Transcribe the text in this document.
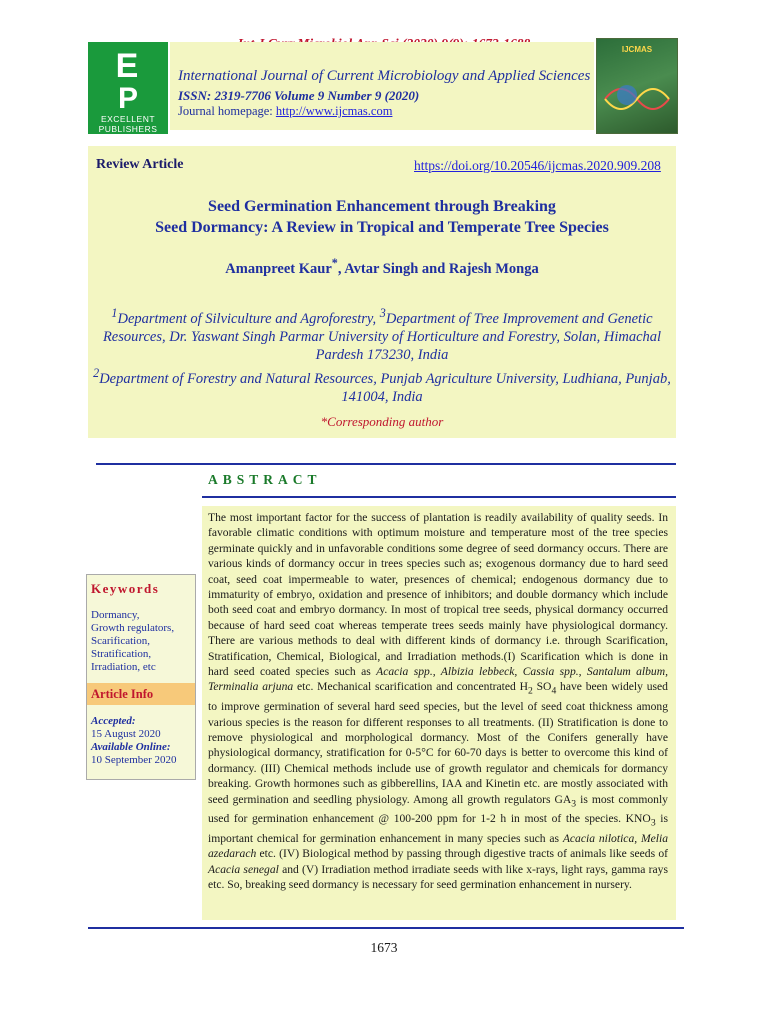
E
P
EXCELLENT
PUBLISHERS
International Journal of Current Microbiology and Applied Sciences
ISSN: 2319-7706 Volume 9 Number 9 (2020)
Journal homepage: http://www.ijcmas.com
IJCMAS
Review Article	https://doi.org/10.20546/ijcmas.2020.909.208
Seed Germination Enhancement through Breaking
Seed Dormancy: A Review in Tropical and Temperate Tree Species
Amanpreet Kaur*, Avtar Singh and Rajesh Monga
$^1$Department of Silviculture and Agroforestry, $^3$Department of Tree Improvement and Genetic Resources, Dr. Yaswant Singh Parmar University of Horticulture and Forestry, Solan, Himachal Pardesh 173230, India
$^2$Department of Forestry and Natural Resources, Punjab Agriculture University, Ludhiana, Punjab, 141004, India
*Corresponding author
ABSTRACT
Keywords
Dormancy,
Growth regulators,
Scarification,
Stratification,
Irradiation, etc
Article Info
Accepted:
15 August 2020
Available Online:
10 September 2020
The most important factor for the success of plantation is readily availability of quality seeds. In favorable climatic conditions with optimum moisture and temperature most of the tree species germinate quickly and in unfavorable conditions some degree of seed dormancy occurs. There are various kinds of dormancy occur in trees species such as; exogenous dormancy due to hard seed coat, seed coat impermeable to water, presences of chemical; endogenous dormancy due to immaturity of embryo, oxidation and presence of inhibitors; and double dormancy which include both seed coat and embryo dormancy. In most of tropical tree seeds, physical dormancy occurred because of hard seed coat whereas temperate trees seeds mainly have physiological dormancy. There are various methods to deal with different kinds of dormancy i.e. through Scarification, Stratification, Chemical, Biological, and Irradiation methods.(I) Scarification which is done in hard seed coated species such as Acacia spp., Albizia lebbeck, Cassia spp., Santalum album, Terminalia arjuna etc. Mechanical scarification and concentrated $H_2$ $SO_4$ have been widely used to improve germination of several hard seed species, but the level of seed coat thickness among various species is the reason for different responses to all treatments. (II) Stratification is done to remove physiological and morphological dormancy. Most of the Conifers generally have physiological dormancy, stratification for 0-5°C for 60-70 days is better to overcome this kind of dormancy. (III) Chemical methods include use of growth regulator and chemicals for dormancy breaking. Growth hormones such as gibberellins, IAA and Kinetin etc. are mostly associated with seed germination and seedling physiology. Among all growth regulators $GA_3$ is most commonly used for germination enhancement @ 100-200 ppm for 1-2 h in most of the species. $KNO_3$ is important chemical for germination enhancement in many species such as Acacia nilotica, Melia azedarach etc. (IV) Biological method by passing through digestive tracts of animals like seeds of Acacia senegal and (V) Irradiation method irradiate seeds with like x-rays, light rays, gamma rays etc. So, breaking seed dormancy is necessary for seed germination enhancement in nursery.
1673
